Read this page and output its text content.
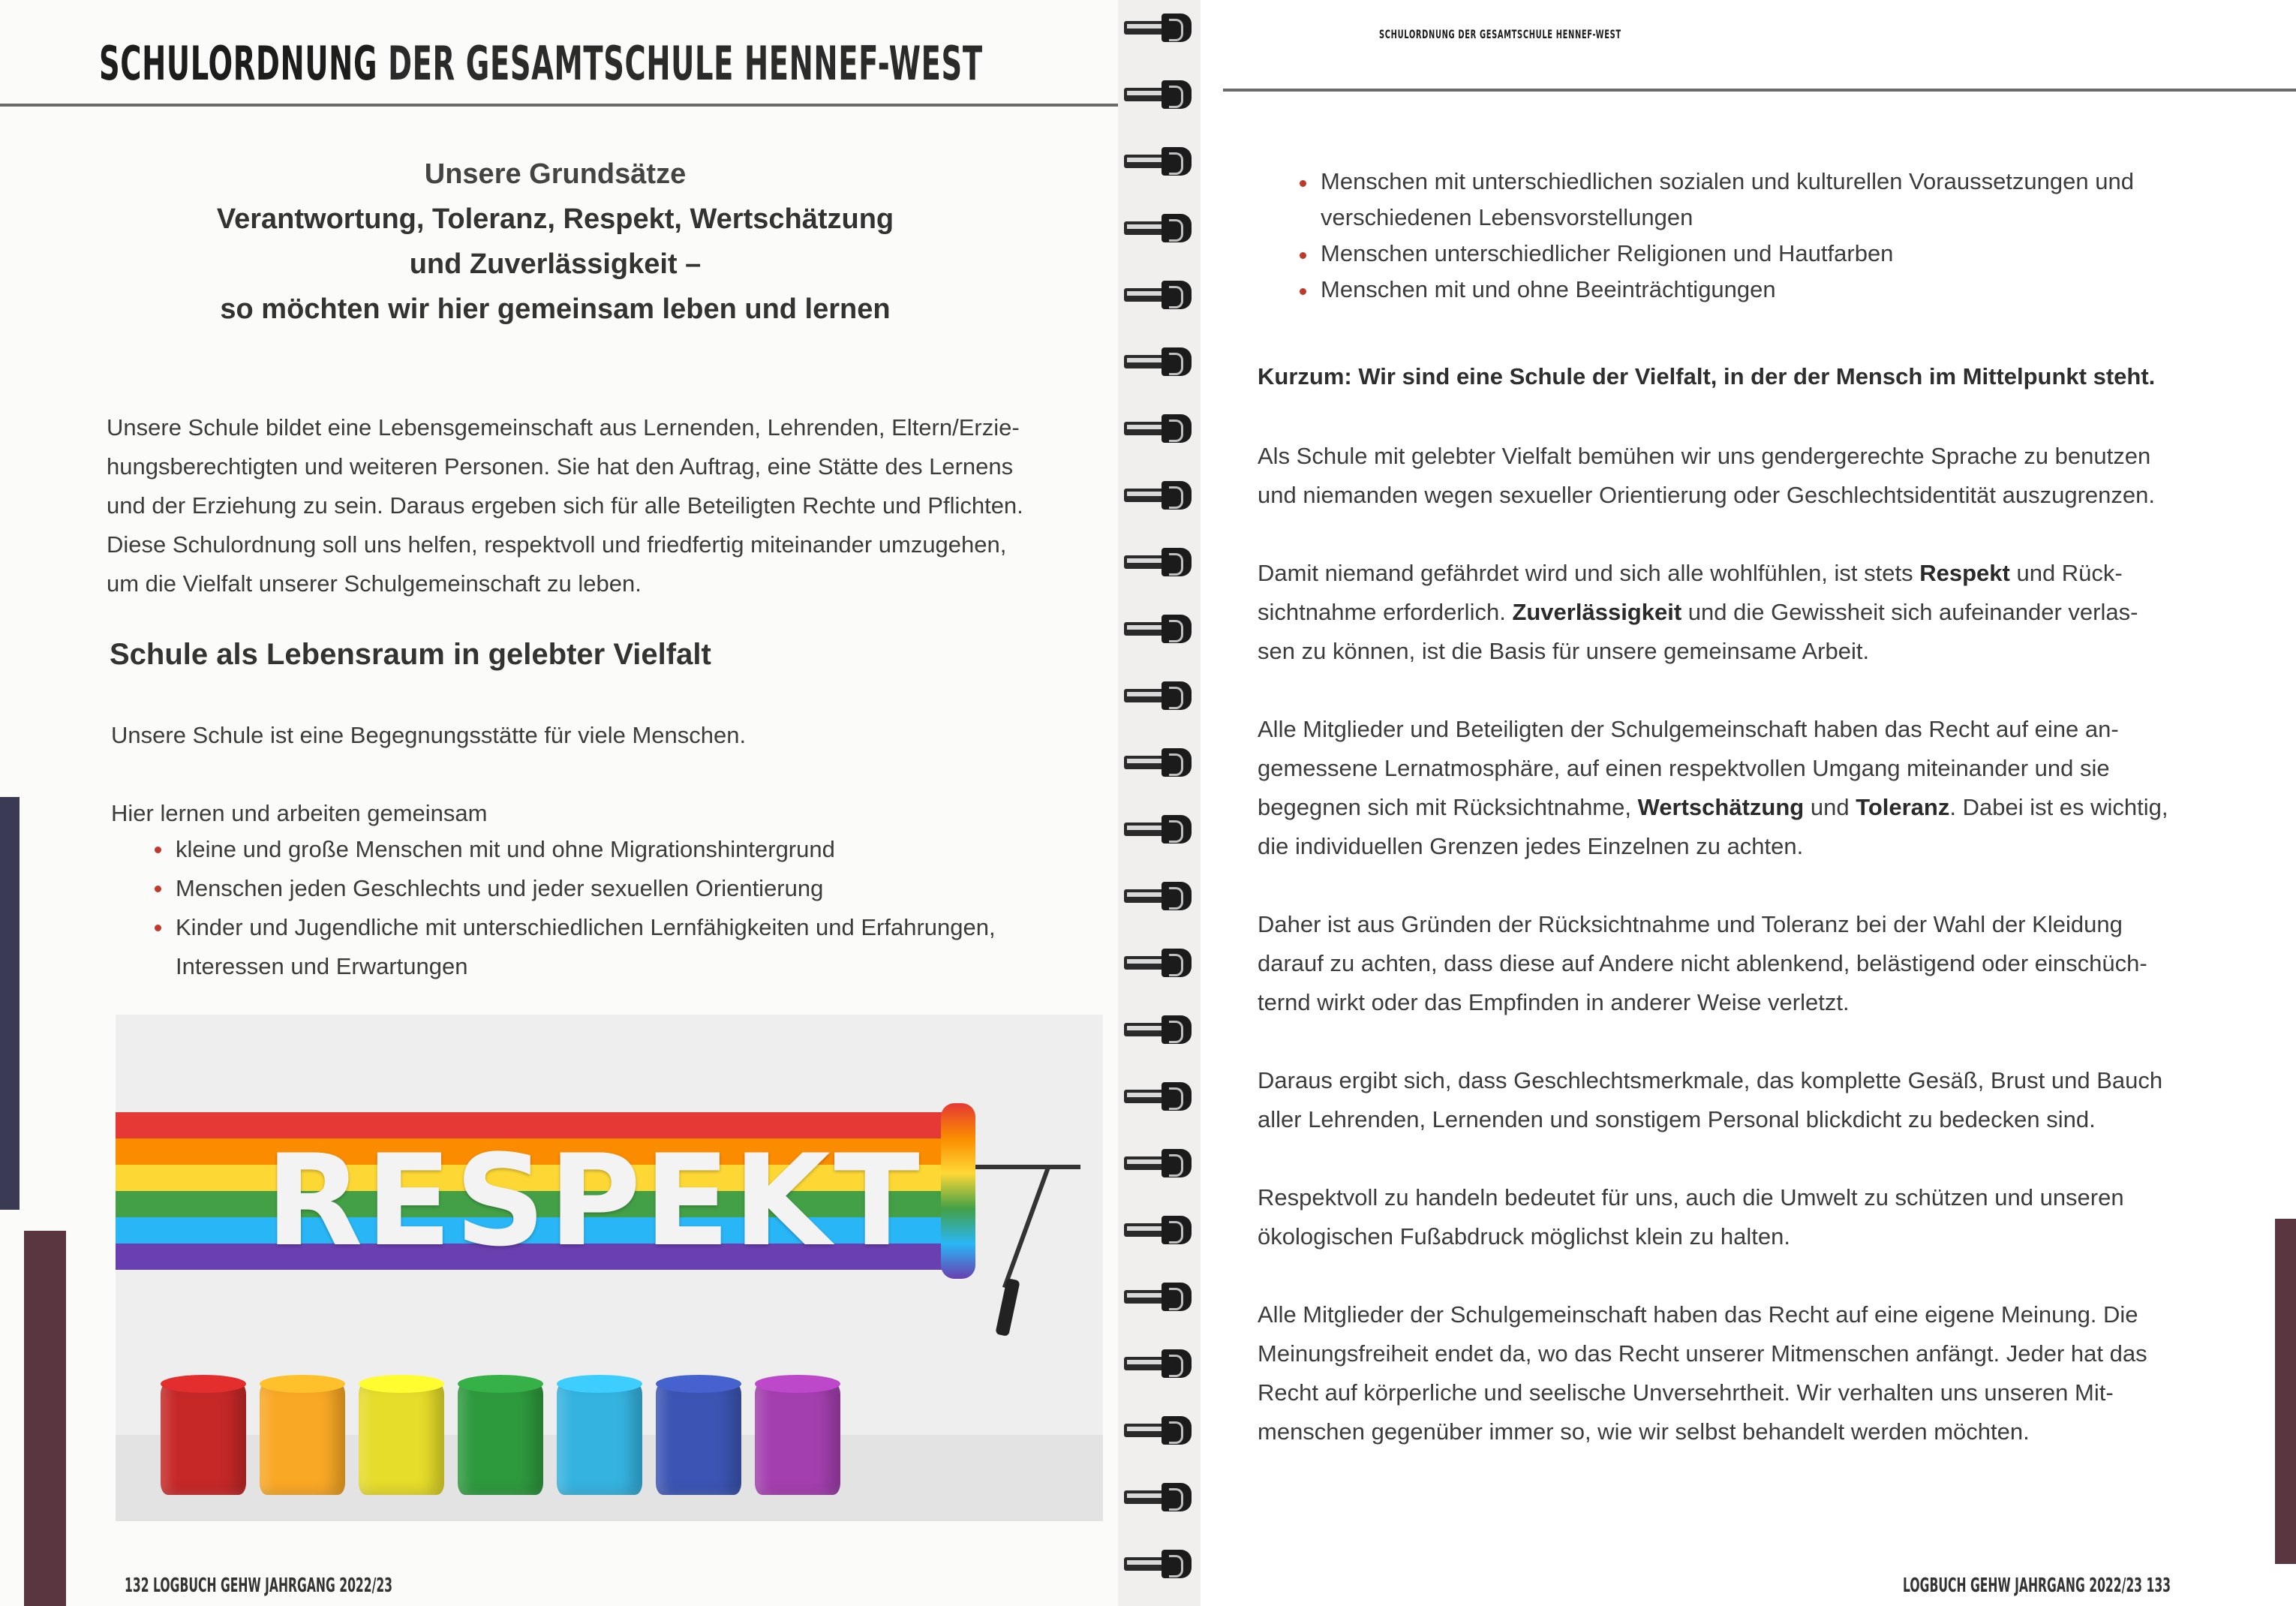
SCHULORDNUNG DER GESAMTSCHULE HENNEF-WEST
Unsere Grundsätze
Verantwortung, Toleranz, Respekt, Wertschätzung
und Zuverlässigkeit –
so möchten wir hier gemeinsam leben und lernen
Unsere Schule bildet eine Lebensgemeinschaft aus Lernenden, Lehrenden, Eltern/Erzie-
hungsberechtigten und weiteren Personen. Sie hat den Auftrag, eine Stätte des Lernens
und der Erziehung zu sein. Daraus ergeben sich für alle Beteiligten Rechte und Pflichten.
Diese Schulordnung soll uns helfen, respektvoll und friedfertig miteinander umzugehen,
um die Vielfalt unserer Schulgemeinschaft zu leben.
Schule als Lebensraum in gelebter Vielfalt
Unsere Schule ist eine Begegnungsstätte für viele Menschen.
Hier lernen und arbeiten gemeinsam
kleine und große Menschen mit und ohne Migrationshintergrund
Menschen jeden Geschlechts und jeder sexuellen Orientierung
Kinder und Jugendliche mit unterschiedlichen Lernfähigkeiten und Erfahrungen,
Interessen und Erwartungen
RESPEKT
132 LOGBUCH GEHW JAHRGANG 2022/23
SCHULORDNUNG DER GESAMTSCHULE HENNEF-WEST
Menschen mit unterschiedlichen sozialen und kulturellen Voraussetzungen und
verschiedenen Lebensvorstellungen
Menschen unterschiedlicher Religionen und Hautfarben
Menschen mit und ohne Beeinträchtigungen
Kurzum: Wir sind eine Schule der Vielfalt, in der der Mensch im Mittelpunkt steht.
Als Schule mit gelebter Vielfalt bemühen wir uns gendergerechte Sprache zu benutzen
und niemanden wegen sexueller Orientierung oder Geschlechtsidentität auszugrenzen.
Damit niemand gefährdet wird und sich alle wohlfühlen, ist stets Respekt und Rück-
sichtnahme erforderlich. Zuverlässigkeit und die Gewissheit sich aufeinander verlas-
sen zu können, ist die Basis für unsere gemeinsame Arbeit.
Alle Mitglieder und Beteiligten der Schulgemeinschaft haben das Recht auf eine an-
gemessene Lernatmosphäre, auf einen respektvollen Umgang miteinander und sie
begegnen sich mit Rücksichtnahme, Wertschätzung und Toleranz. Dabei ist es wichtig,
die individuellen Grenzen jedes Einzelnen zu achten.
Daher ist aus Gründen der Rücksichtnahme und Toleranz bei der Wahl der Kleidung
darauf zu achten, dass diese auf Andere nicht ablenkend, belästigend oder einschüch-
ternd wirkt oder das Empfinden in anderer Weise verletzt.
Daraus ergibt sich, dass Geschlechtsmerkmale, das komplette Gesäß, Brust und Bauch
aller Lehrenden, Lernenden und sonstigem Personal blickdicht zu bedecken sind.
Respektvoll zu handeln bedeutet für uns, auch die Umwelt zu schützen und unseren
ökologischen Fußabdruck möglichst klein zu halten.
Alle Mitglieder der Schulgemeinschaft haben das Recht auf eine eigene Meinung. Die
Meinungsfreiheit endet da, wo das Recht unserer Mitmenschen anfängt. Jeder hat das
Recht auf körperliche und seelische Unversehrtheit. Wir verhalten uns unseren Mit-
menschen gegenüber immer so, wie wir selbst behandelt werden möchten.
LOGBUCH GEHW JAHRGANG 2022/23 133
